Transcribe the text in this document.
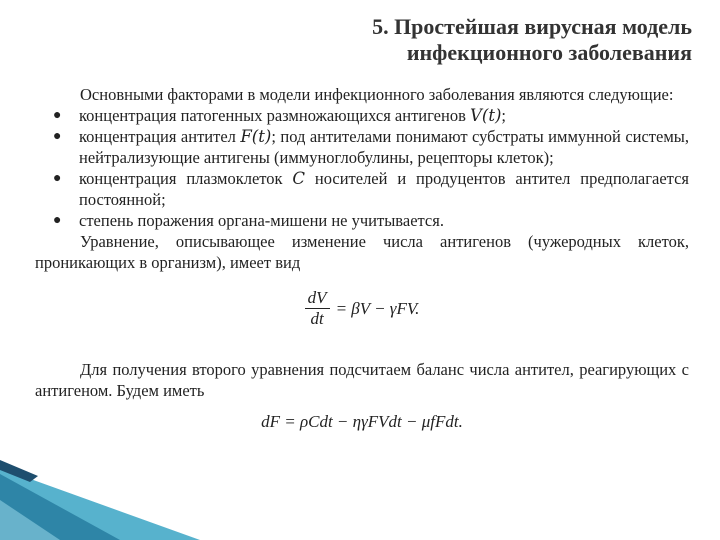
5. Простейшая вирусная модель
инфекционного заболевания

Основными факторами в модели инфекционного заболевания являются следующие:

● концентрация патогенных размножающихся антигенов V(t);
● концентрация антител F(t); под антителами понимают субстраты иммунной системы, нейтрализующие антигены (иммуноглобулины, рецепторы клеток);
● концентрация плазмоклеток C носителей и продуцентов антител предполагается постоянной;
● степень поражения органа-мишени не учитывается.

Уравнение, описывающее изменение числа антигенов (чужеродных клеток, проникающих в организм), имеет вид

$\frac{dV}{dt} = \beta V - \gamma FV$.

Для получения второго уравнения подсчитаем баланс числа антител, реагирующих с антигеном. Будем иметь

dF = ρCdt − ηγFVdt − μfFdt.
